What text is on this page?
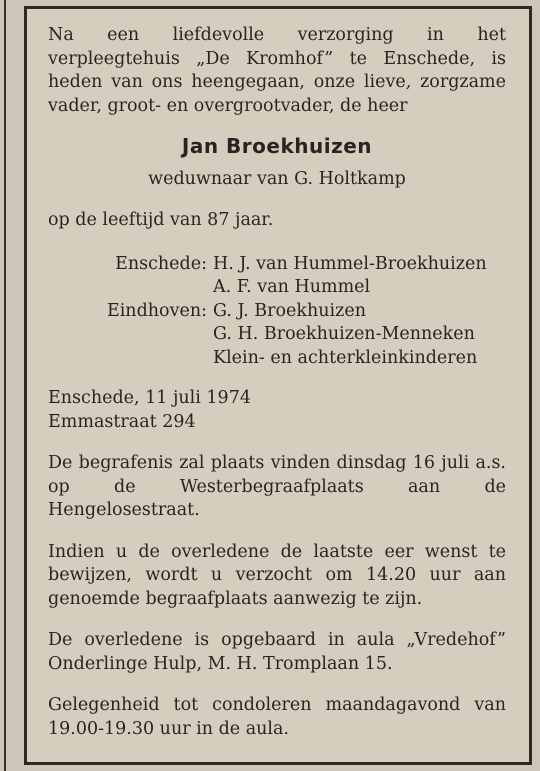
Na een liefdevolle verzorging in het
verpleegtehuis „De Kromhof” te Enschede, is
heden van ons heengegaan, onze lieve, zorgzame
vader, groot- en overgrootvader, de heer
Jan Broekhuizen
weduwnaar van G. Holtkamp
op de leeftijd van 87 jaar.
Enschede: H. J. van Hummel-Broekhuizen
A. F. van Hummel
Eindhoven: G. J. Broekhuizen
G. H. Broekhuizen-Menneken
Klein- en achterkleinkinderen
Enschede, 11 juli 1974
Emmastraat 294
De begrafenis zal plaats vinden dinsdag 16 juli a.s.
op de Westerbegraafplaats aan de
Hengelosestraat.
Indien u de overledene de laatste eer wenst te
bewijzen, wordt u verzocht om 14.20 uur aan
genoemde begraafplaats aanwezig te zijn.
De overledene is opgebaard in aula „Vredehof”
Onderlinge Hulp, M. H. Tromplaan 15.
Gelegenheid tot condoleren maandagavond van
19.00-19.30 uur in de aula.
